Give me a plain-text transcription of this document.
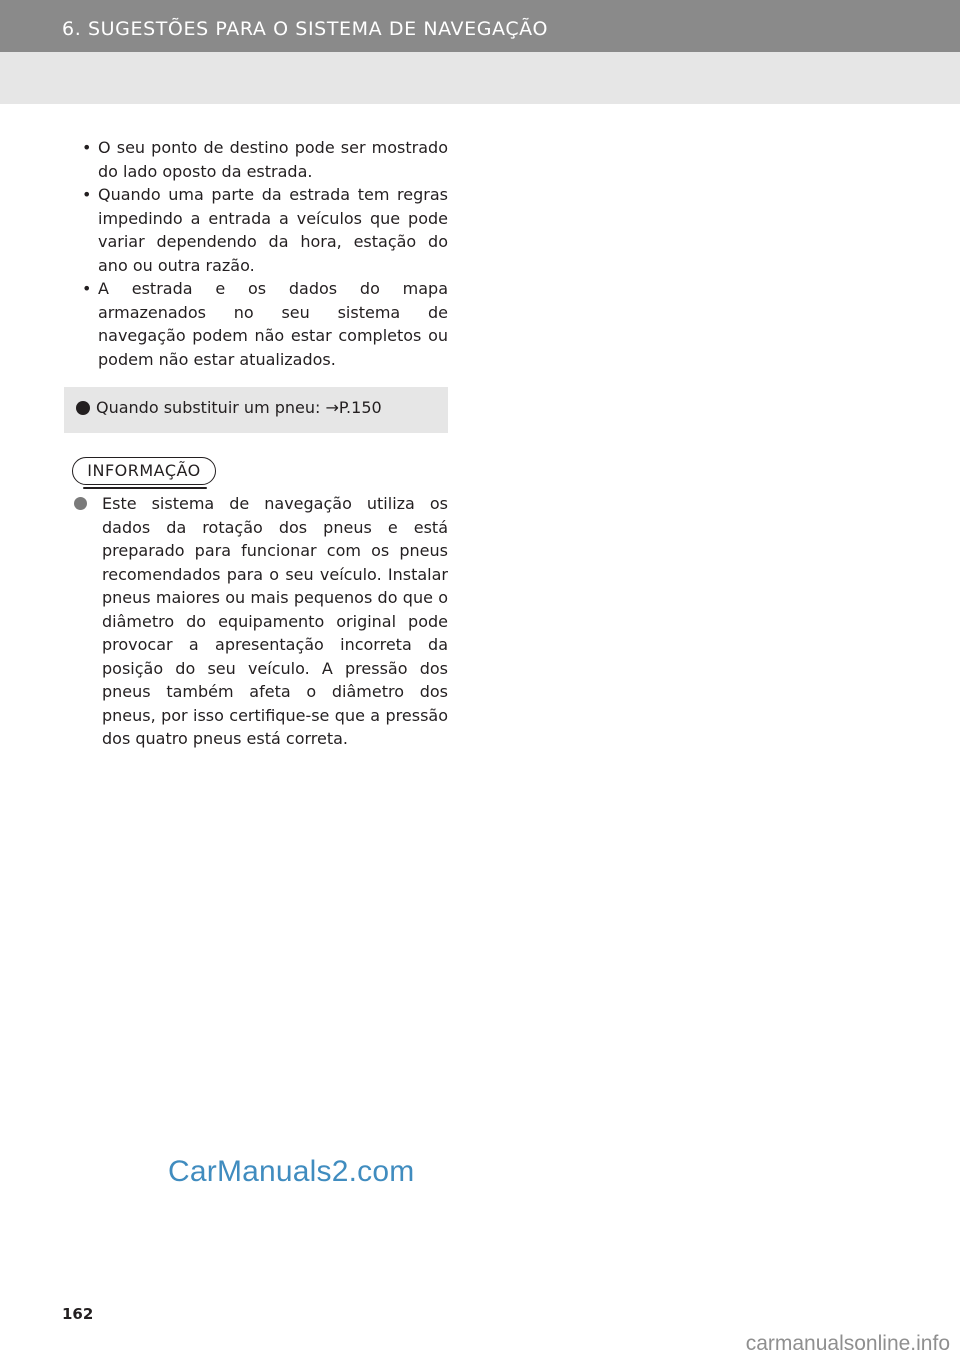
6. SUGESTÕES PARA O SISTEMA DE NAVEGAÇÃO
• O seu ponto de destino pode ser mostrado do lado oposto da estrada.
• Quando uma parte da estrada tem regras impedindo a entrada a veículos que pode variar dependendo da hora, estação do ano ou outra razão.
• A estrada e os dados do mapa armazenados no seu sistema de navegação podem não estar completos ou podem não estar atualizados.
Quando substituir um pneu: →P.150
INFORMAÇÃO
Este sistema de navegação utiliza os dados da rotação dos pneus e está preparado para funcionar com os pneus recomendados para o seu veículo. Instalar pneus maiores ou mais pequenos do que o diâmetro do equipamento original pode provocar a apresentação incorreta da posição do seu veículo. A pressão dos pneus também afeta o diâmetro dos pneus, por isso certifique-se que a pressão dos quatro pneus está correta.
CarManuals2.com
162
carmanualsonline.info
